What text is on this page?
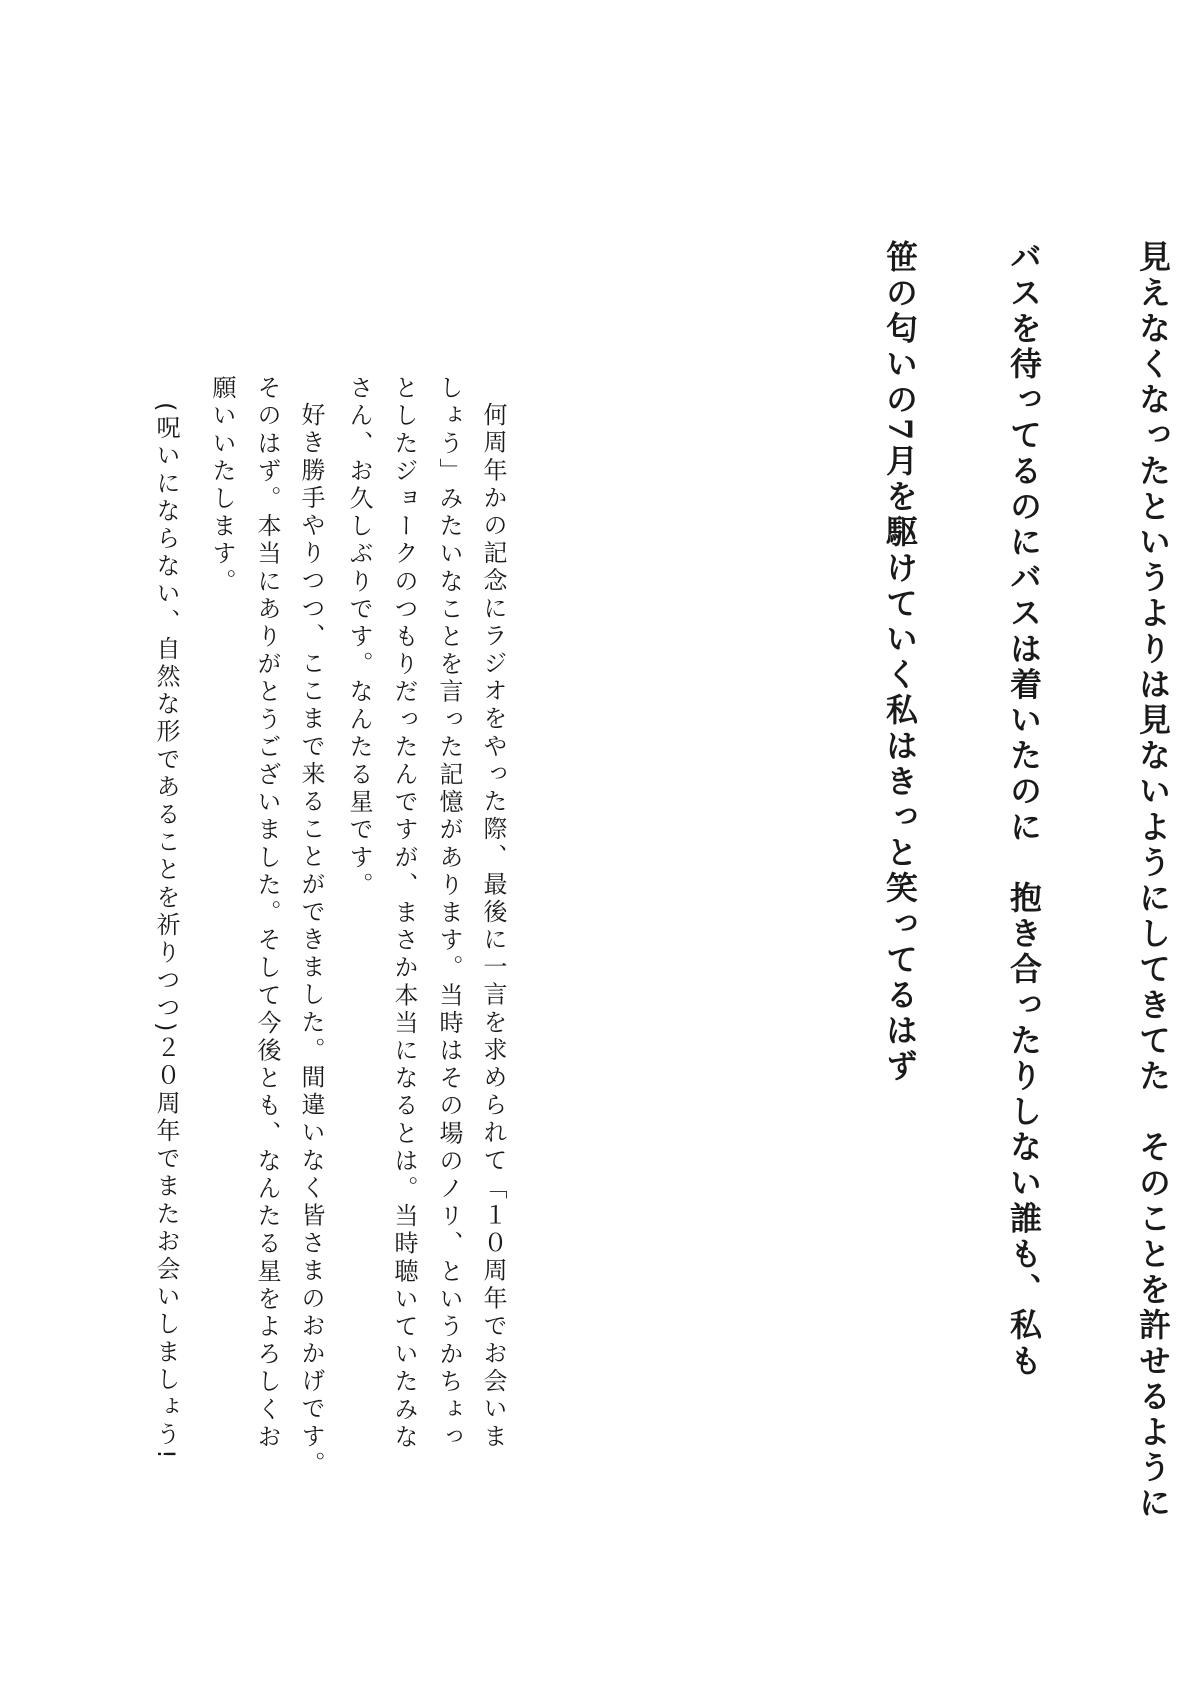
見えなくなったというよりは見ないようにしてきてた　そのことを許せるように

バスを待ってるのにバスは着いたのに　抱き合ったりしない誰も、私も

笹の匂いの7月を駆けていく私はきっと笑ってるはず

何周年かの記念にラジオをやった際、最後に一言を求められて「１０周年でお会いま

しょう」みたいなことを言った記憶があります。当時はその場のノリ、というかちょっ

としたジョークのつもりだったんですが、まさか本当になるとは。当時聴いていたみな

さん、お久しぶりです。なんたる星です。

好き勝手やりつつ、ここまで来ることができました。間違いなく皆さまのおかげです。

そのはず。本当にありがとうございました。そして今後とも、なんたる星をよろしくお

願いいたします。

(呪いにならない、自然な形であることを祈りつつ)２０周年でまたお会いしましょう!
